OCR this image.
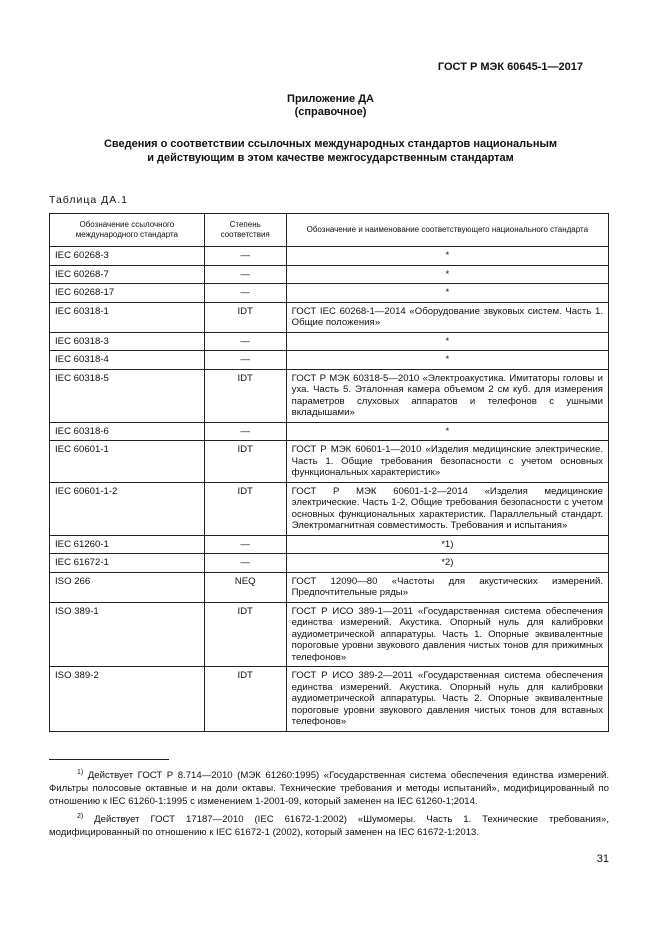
ГОСТ Р МЭК 60645-1—2017
Приложение ДА
(справочное)
Сведения о соответствии ссылочных международных стандартов национальным
и действующим в этом качестве межгосударственным стандартам
Таблица ДА.1
Обозначение ссылочного международного стандарта	Степень соответствия	Обозначение и наименование соответствующего национального стандарта
IEC 60268-3	—	*
IEC 60268-7	—	*
IEC 60268-17	—	*
IEC 60318-1	IDT	ГОСТ IEC 60268-1—2014 «Оборудование звуковых систем. Часть 1. Общие положения»
IEC 60318-3	—	*
IEC 60318-4	—	*
IEC 60318-5	IDT	ГОСТ Р МЭК 60318-5—2010 «Электроакустика. Имитаторы головы и уха. Часть 5. Эталонная камера объемом 2 см куб. для измерения параметров слуховых аппаратов и телефонов с ушными вкладышами»
IEC 60318-6	—	*
IEC 60601-1	IDT	ГОСТ Р МЭК 60601-1—2010 «Изделия медицинские электрические. Часть 1. Общие требования безопасности с учетом основных функциональных характеристик»
IEC 60601-1-2	IDT	ГОСТ Р МЭК 60601-1-2—2014 «Изделия медицинские электрические. Часть 1-2. Общие требования безопасности с учетом основных функциональных характеристик. Параллельный стандарт. Электромагнитная совместимость. Требования и испытания»
IEC 61260-1	—	*1)
IEC 61672-1	—	*2)
ISO 266	NEQ	ГОСТ 12090—80 «Частоты для акустических измерений. Предпочтительные ряды»
ISO 389-1	IDT	ГОСТ Р ИСО 389-1—2011 «Государственная система обеспечения единства измерений. Акустика. Опорный нуль для калибровки аудиометрической аппаратуры. Часть 1. Опорные эквивалентные пороговые уровни звукового давления чистых тонов для прижимных телефонов»
ISO 389-2	IDT	ГОСТ Р ИСО 389-2—2011 «Государственная система обеспечения единства измерений. Акустика. Опорный нуль для калибровки аудиометрической аппаратуры. Часть 2. Опорные эквивалентные пороговые уровни звукового давления чистых тонов для вставных телефонов»

$^{1)}$ Действует ГОСТ Р 8.714—2010 (МЭК 61260:1995) «Государственная система обеспечения единства измерений. Фильтры полосовые октавные и на доли октавы. Технические требования и методы испытаний», модифицированный по отношению к IEC 61260-1:1995 с изменением 1-2001-09, который заменен на IEC 61260-1;2014.

$^{2)}$ Действует ГОСТ 17187—2010 (IEC 61672-1:2002) «Шумомеры. Часть 1. Технические требования», модифицированный по отношению к IEC 61672-1 (2002), который заменен на IEC 61672-1:2013.

31
